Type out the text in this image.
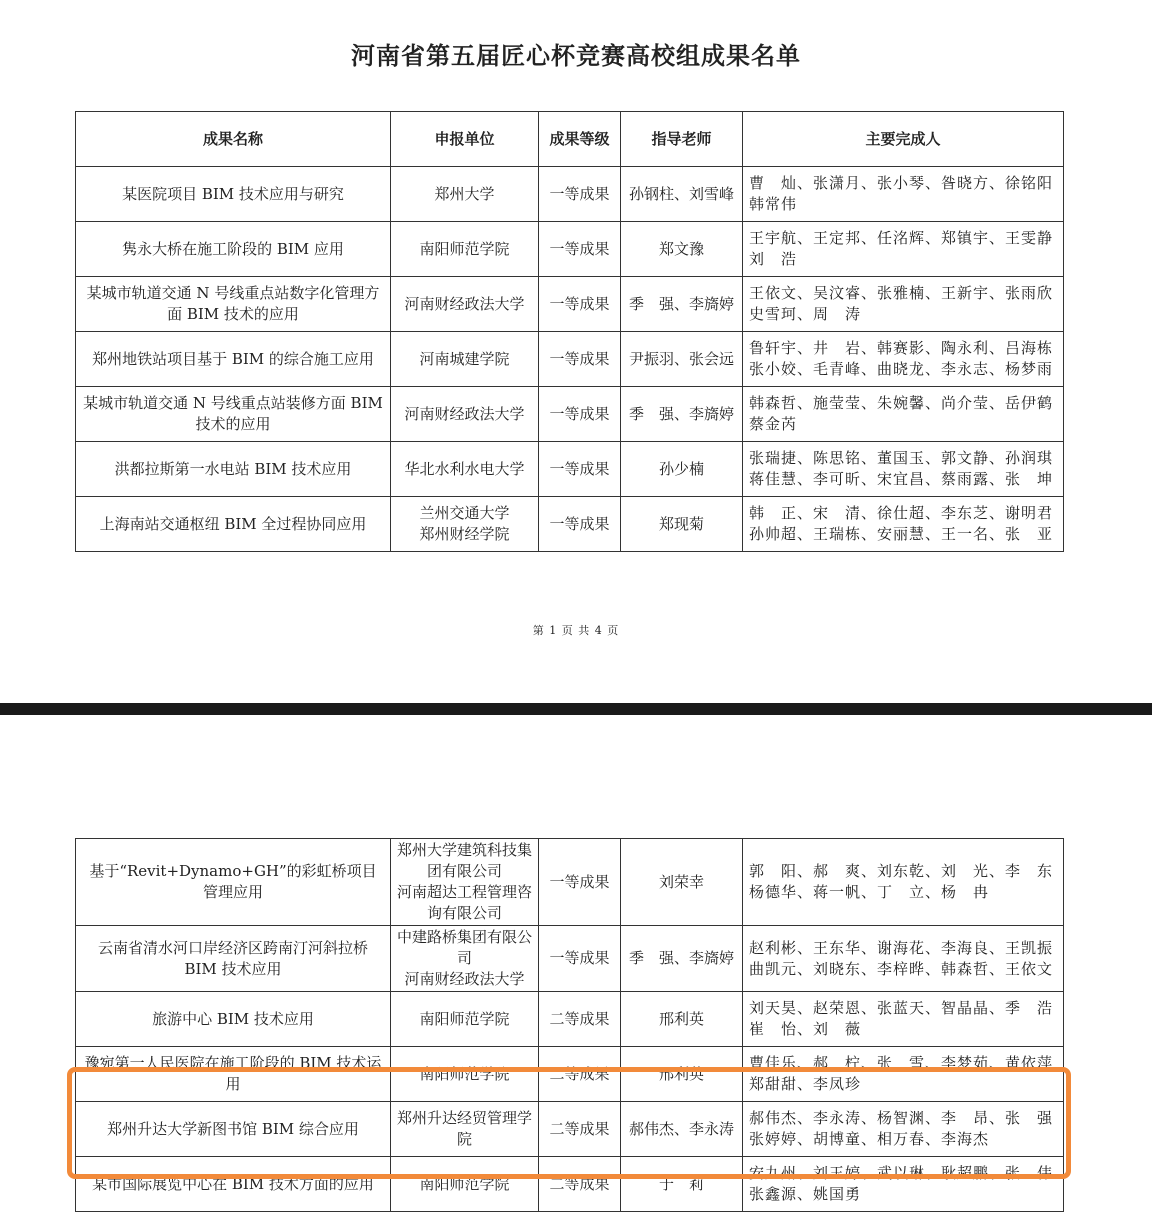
河南省第五届匠心杯竞赛高校组成果名单
成果名称	申报单位	成果等级	指导老师	主要完成人
某医院项目 BIM 技术应用与研究	郑州大学	一等成果	孙钢柱、刘雪峰	曹　灿、张潇月、张小琴、昝晓方、徐铭阳
韩常伟
隽永大桥在施工阶段的 BIM 应用	南阳师范学院	一等成果	郑文豫	王宇航、王定邦、任洺辉、郑镇宇、王雯静
刘　浩
某城市轨道交通 N 号线重点站数字化管理方面 BIM 技术的应用	河南财经政法大学	一等成果	季　强、李旖婷	王依文、吴汶睿、张雅楠、王新宇、张雨欣
史雪珂、周　涛
郑州地铁站项目基于 BIM 的综合施工应用	河南城建学院	一等成果	尹振羽、张会远	鲁轩宇、井　岩、韩赛影、陶永利、吕海栋
张小姣、毛青峰、曲晓龙、李永志、杨梦雨
某城市轨道交通 N 号线重点站装修方面 BIM 技术的应用	河南财经政法大学	一等成果	季　强、李旖婷	韩森哲、施莹莹、朱婉馨、尚介莹、岳伊鹤
蔡金芮
洪都拉斯第一水电站 BIM 技术应用	华北水利水电大学	一等成果	孙少楠	张瑞捷、陈思铭、董国玉、郭文静、孙润琪
蒋佳慧、李可昕、宋宜昌、蔡雨露、张　坤
上海南站交通枢纽 BIM 全过程协同应用	兰州交通大学
郑州财经学院	一等成果	郑现菊	韩　正、宋　清、徐仕超、李东芝、谢明君
孙帅超、王瑞栋、安丽慧、王一名、张　亚
第 1 页 共 4 页
基于“Revit+Dynamo+GH”的彩虹桥项目管理应用	郑州大学建筑科技集团有限公司
河南超达工程管理咨询有限公司	一等成果	刘荣幸	郭　阳、郝　爽、刘东乾、刘　光、李　东
杨德华、蒋一帆、丁　立、杨　冉
云南省清水河口岸经济区跨南汀河斜拉桥 BIM 技术应用	中建路桥集团有限公司
河南财经政法大学	一等成果	季　强、李旖婷	赵利彬、王东华、谢海花、李海良、王凯振
曲凯元、刘晓东、李梓晔、韩森哲、王依文
旅游中心 BIM 技术应用	南阳师范学院	二等成果	邢利英	刘天昊、赵荣恩、张蓝天、智晶晶、季　浩
崔　怡、刘　薇
豫宛第一人民医院在施工阶段的 BIM 技术运用	南阳师范学院	二等成果	邢利英	曹佳乐、郝　柠、张　雪、李梦茹、黄依萍
郑甜甜、李凤珍
郑州升达大学新图书馆 BIM 综合应用	郑州升达经贸管理学院	二等成果	郝伟杰、李永涛	郝伟杰、李永涛、杨智渊、李　昂、张　强
张婷婷、胡博童、相万春、李海杰
某市国际展览中心在 BIM 技术方面的应用	南阳师范学院	二等成果	于　莉	安九州、刘玉婷、武以琳、耿超鹏、张　伟
张鑫源、姚国勇
